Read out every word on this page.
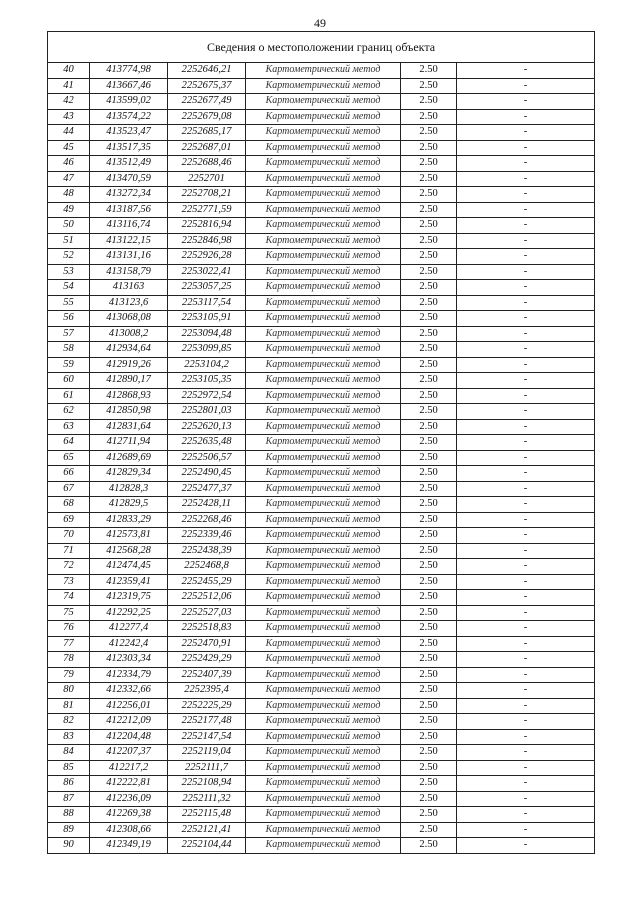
49
Сведения о местоположении границ объекта					
40	413774,98	2252646,21	Картометрический метод	2.50	-
41	413667,46	2252675,37	Картометрический метод	2.50	-
42	413599,02	2252677,49	Картометрический метод	2.50	-
43	413574,22	2252679,08	Картометрический метод	2.50	-
44	413523,47	2252685,17	Картометрический метод	2.50	-
45	413517,35	2252687,01	Картометрический метод	2.50	-
46	413512,49	2252688,46	Картометрический метод	2.50	-
47	413470,59	2252701	Картометрический метод	2.50	-
48	413272,34	2252708,21	Картометрический метод	2.50	-
49	413187,56	2252771,59	Картометрический метод	2.50	-
50	413116,74	2252816,94	Картометрический метод	2.50	-
51	413122,15	2252846,98	Картометрический метод	2.50	-
52	413131,16	2252926,28	Картометрический метод	2.50	-
53	413158,79	2253022,41	Картометрический метод	2.50	-
54	413163	2253057,25	Картометрический метод	2.50	-
55	413123,6	2253117,54	Картометрический метод	2.50	-
56	413068,08	2253105,91	Картометрический метод	2.50	-
57	413008,2	2253094,48	Картометрический метод	2.50	-
58	412934,64	2253099,85	Картометрический метод	2.50	-
59	412919,26	2253104,2	Картометрический метод	2.50	-
60	412890,17	2253105,35	Картометрический метод	2.50	-
61	412868,93	2252972,54	Картометрический метод	2.50	-
62	412850,98	2252801,03	Картометрический метод	2.50	-
63	412831,64	2252620,13	Картометрический метод	2.50	-
64	412711,94	2252635,48	Картометрический метод	2.50	-
65	412689,69	2252506,57	Картометрический метод	2.50	-
66	412829,34	2252490,45	Картометрический метод	2.50	-
67	412828,3	2252477,37	Картометрический метод	2.50	-
68	412829,5	2252428,11	Картометрический метод	2.50	-
69	412833,29	2252268,46	Картометрический метод	2.50	-
70	412573,81	2252339,46	Картометрический метод	2.50	-
71	412568,28	2252438,39	Картометрический метод	2.50	-
72	412474,45	2252468,8	Картометрический метод	2.50	-
73	412359,41	2252455,29	Картометрический метод	2.50	-
74	412319,75	2252512,06	Картометрический метод	2.50	-
75	412292,25	2252527,03	Картометрический метод	2.50	-
76	412277,4	2252518,83	Картометрический метод	2.50	-
77	412242,4	2252470,91	Картометрический метод	2.50	-
78	412303,34	2252429,29	Картометрический метод	2.50	-
79	412334,79	2252407,39	Картометрический метод	2.50	-
80	412332,66	2252395,4	Картометрический метод	2.50	-
81	412256,01	2252225,29	Картометрический метод	2.50	-
82	412212,09	2252177,48	Картометрический метод	2.50	-
83	412204,48	2252147,54	Картометрический метод	2.50	-
84	412207,37	2252119,04	Картометрический метод	2.50	-
85	412217,2	2252111,7	Картометрический метод	2.50	-
86	412222,81	2252108,94	Картометрический метод	2.50	-
87	412236,09	2252111,32	Картометрический метод	2.50	-
88	412269,38	2252115,48	Картометрический метод	2.50	-
89	412308,66	2252121,41	Картометрический метод	2.50	-
90	412349,19	2252104,44	Картометрический метод	2.50	-
